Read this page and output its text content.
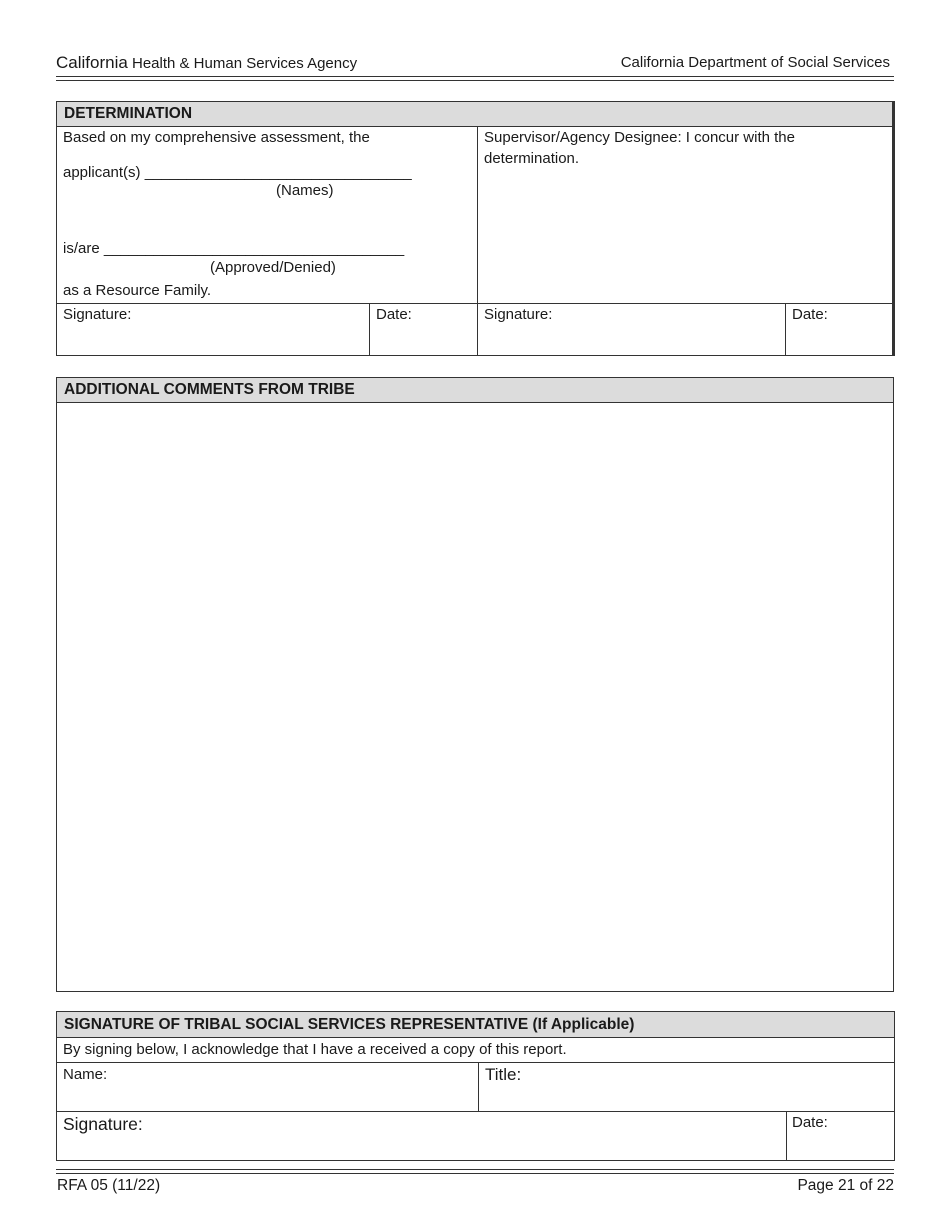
California Health & Human Services Agency	California Department of Social Services
DETERMINATION
Based on my comprehensive assessment, the
applicant(s) ________________________________
(Names)
is/are ____________________________________
(Approved/Denied)
as a Resource Family.
Supervisor/Agency Designee: I concur with the
determination.
Signature:	Date:	Signature:	Date:
ADDITIONAL COMMENTS FROM TRIBE
SIGNATURE OF TRIBAL SOCIAL SERVICES REPRESENTATIVE (If Applicable)
By signing below, I acknowledge that I have a received a copy of this report.
Name:	Title:
Signature:	Date:
RFA 05 (11/22)	Page 21 of 22
